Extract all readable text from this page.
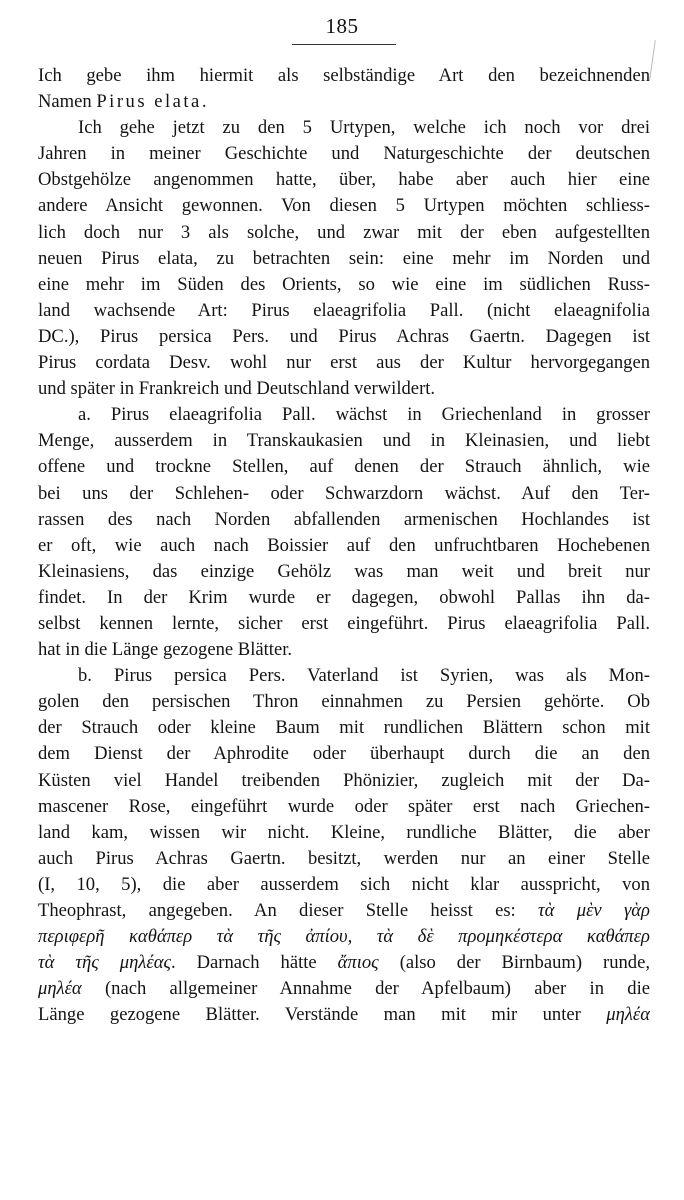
185
Ich gebe ihm hiermit als selbständige Art den bezeichnenden
Namen Pirus elata.
Ich gehe jetzt zu den 5 Urtypen, welche ich noch vor drei
Jahren in meiner Geschichte und Naturgeschichte der deutschen
Obstgehölze angenommen hatte, über, habe aber auch hier eine
andere Ansicht gewonnen. Von diesen 5 Urtypen möchten schliess-
lich doch nur 3 als solche, und zwar mit der eben aufgestellten
neuen Pirus elata, zu betrachten sein: eine mehr im Norden und
eine mehr im Süden des Orients, so wie eine im südlichen Russ-
land wachsende Art: Pirus elaeagrifolia Pall. (nicht elaeagnifolia
DC.), Pirus persica Pers. und Pirus Achras Gaertn. Dagegen ist
Pirus cordata Desv. wohl nur erst aus der Kultur hervorgegangen
und später in Frankreich und Deutschland verwildert.
a. Pirus elaeagrifolia Pall. wächst in Griechenland in grosser
Menge, ausserdem in Transkaukasien und in Kleinasien, und liebt
offene und trockne Stellen, auf denen der Strauch ähnlich, wie
bei uns der Schlehen- oder Schwarzdorn wächst. Auf den Ter-
rassen des nach Norden abfallenden armenischen Hochlandes ist
er oft, wie auch nach Boissier auf den unfruchtbaren Hochebenen
Kleinasiens, das einzige Gehölz was man weit und breit nur
findet. In der Krim wurde er dagegen, obwohl Pallas ihn da-
selbst kennen lernte, sicher erst eingeführt. Pirus elaeagrifolia Pall.
hat in die Länge gezogene Blätter.
b. Pirus persica Pers. Vaterland ist Syrien, was als Mon-
golen den persischen Thron einnahmen zu Persien gehörte. Ob
der Strauch oder kleine Baum mit rundlichen Blättern schon mit
dem Dienst der Aphrodite oder überhaupt durch die an den
Küsten viel Handel treibenden Phönizier, zugleich mit der Da-
mascener Rose, eingeführt wurde oder später erst nach Griechen-
land kam, wissen wir nicht. Kleine, rundliche Blätter, die aber
auch Pirus Achras Gaertn. besitzt, werden nur an einer Stelle
(I, 10, 5), die aber ausserdem sich nicht klar ausspricht, von
Theophrast, angegeben. An dieser Stelle heisst es: τὰ μὲν γὰρ
περιφερῆ καθάπερ τὰ τῆς ἀπίου, τὰ δὲ προμηκέστερα καθάπερ
τὰ τῆς μηλέας. Darnach hätte ἄπιος (also der Birnbaum) runde,
μηλέα (nach allgemeiner Annahme der Apfelbaum) aber in die
Länge gezogene Blätter. Verstände man mit mir unter μηλέα
